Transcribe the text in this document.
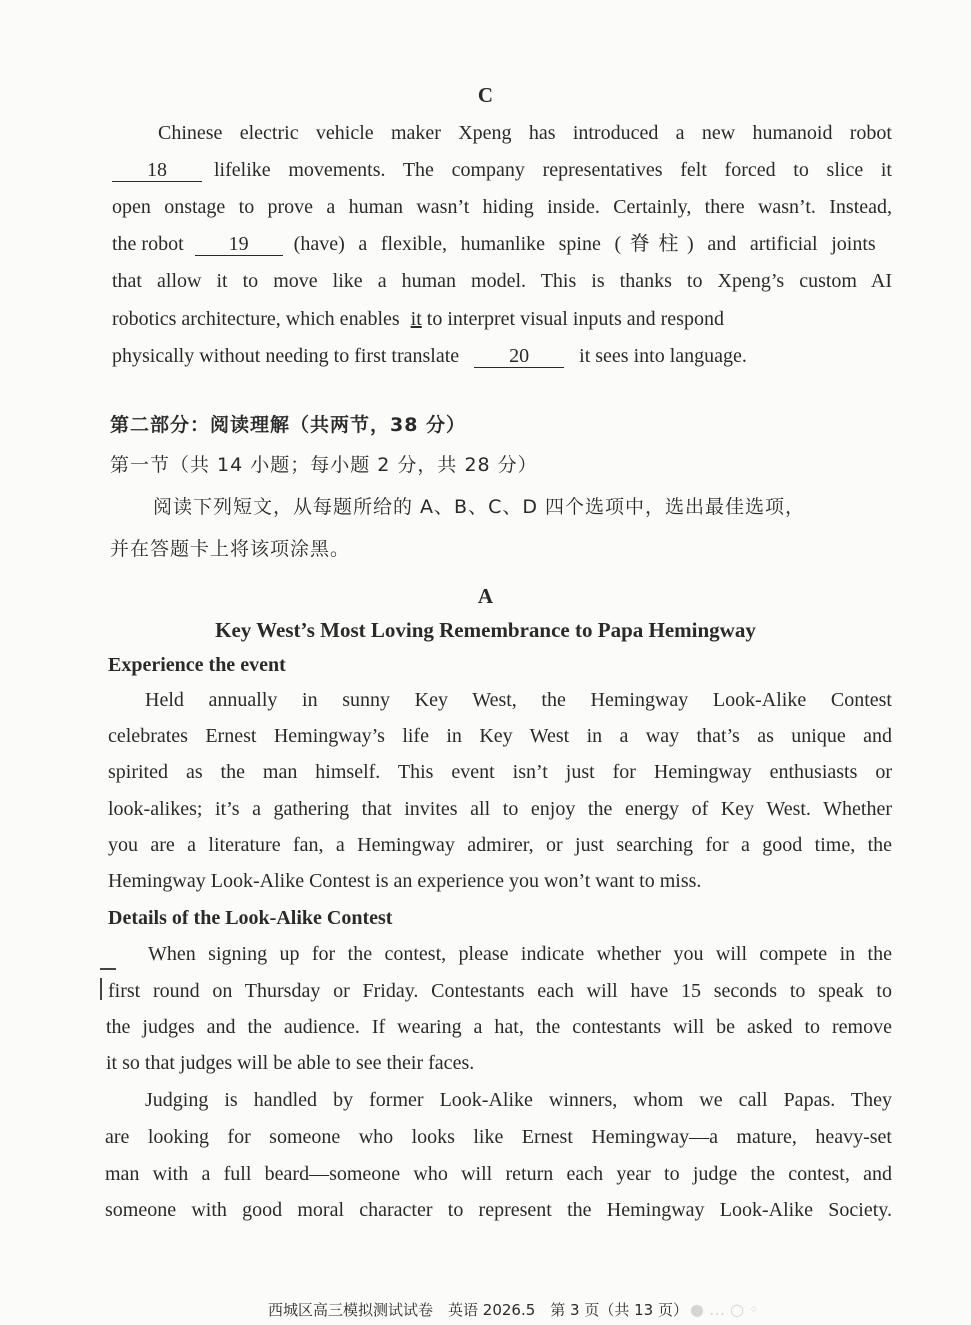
C
Chinese electric vehicle maker Xpeng has introduced a new humanoid robot
18 lifelike movements. The company representatives felt forced to slice it
open onstage to prove a human wasn’t hiding inside. Certainly, there wasn’t. Instead,
the robot 19 (have) a flexible, humanlike spine (脊柱) and artificial joints
that allow it to move like a human model. This is thanks to Xpeng’s custom AI
robotics architecture, which enables it to interpret visual inputs and respond
physically without needing to first translate	20	it sees into language.
第二部分：阅读理解（共两节，38 分）
第一节（共 14 小题；每小题 2 分，共 28 分）
阅读下列短文，从每题所给的 A、B、C、D 四个选项中，选出最佳选项，
并在答题卡上将该项涂黑。
A
Key West’s Most Loving Remembrance to Papa Hemingway
Experience the event
Held annually in sunny Key West, the Hemingway Look-Alike Contest
celebrates Ernest Hemingway’s life in Key West in a way that’s as unique and
spirited as the man himself. This event isn’t just for Hemingway enthusiasts or
look-alikes; it’s a gathering that invites all to enjoy the energy of Key West. Whether
you are a literature fan, a Hemingway admirer, or just searching for a good time, the
Hemingway Look-Alike Contest is an experience you won’t want to miss.
Details of the Look-Alike Contest
When signing up for the contest, please indicate whether you will compete in the
first round on Thursday or Friday. Contestants each will have 15 seconds to speak to
the judges and the audience. If wearing a hat, the contestants will be asked to remove
it so that judges will be able to see their faces.
Judging is handled by former Look-Alike winners, whom we call Papas. They
are looking for someone who looks like Ernest Hemingway—a mature, heavy-set
man with a full beard—someone who will return each year to judge the contest, and
someone with good moral character to represent the Hemingway Look-Alike Society.
西城区高三模拟测试试卷　英语 2026.5　第 3 页（共 13 页） ● … ○ ◦
